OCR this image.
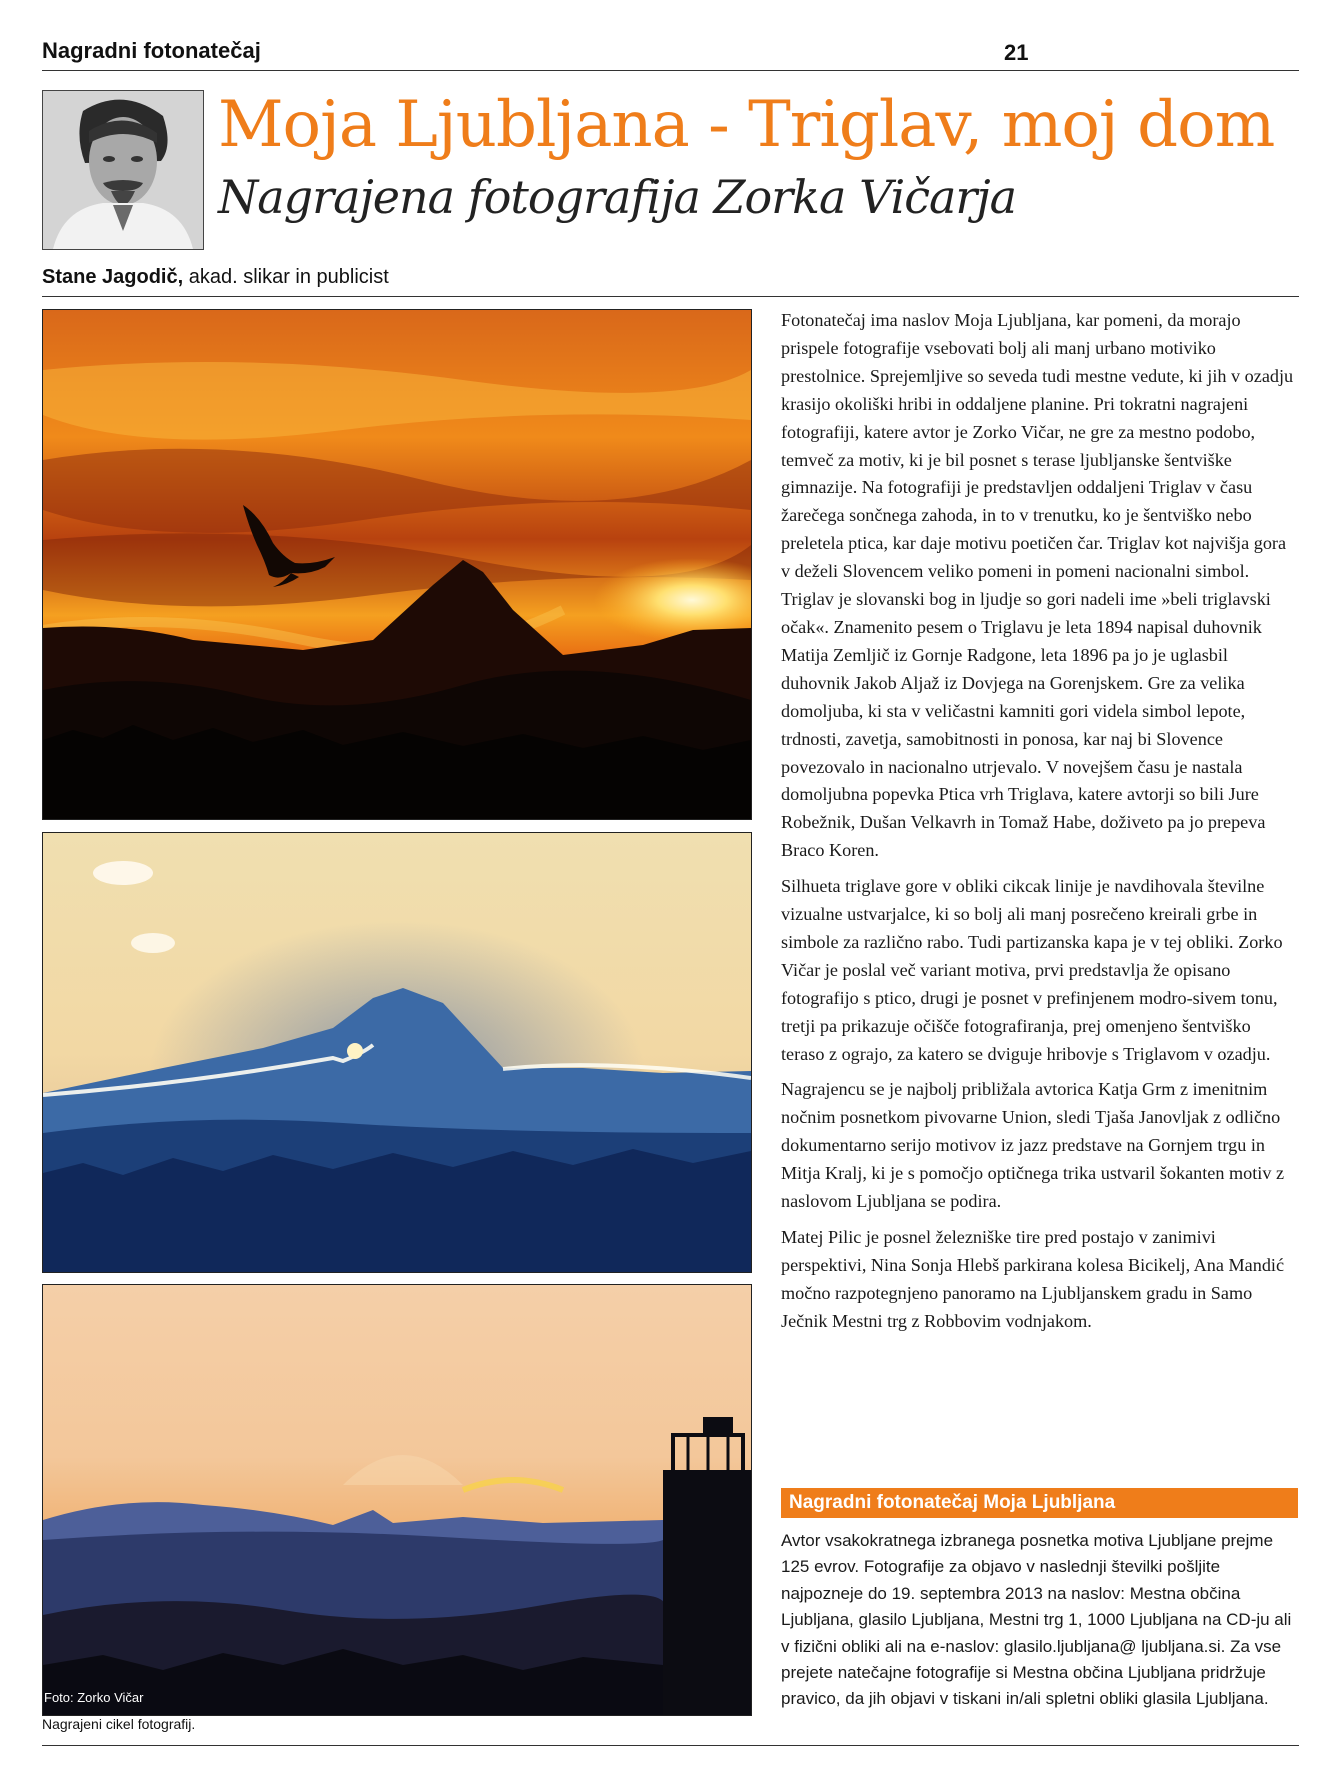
Nagradni fotonatečaj	21
Moja Ljubljana - Triglav, moj dom
Nagrajena fotografija Zorka Vičarja
Stane Jagodič, akad. slikar in publicist
Foto: Zorko Vičar
Nagrajeni cikel fotografij.

Fotonatečaj ima naslov Moja Ljubljana, kar pomeni, da morajo prispele fotografije vsebovati bolj ali manj urbano motiviko prestolnice. Sprejemljive so seveda tudi mestne vedute, ki jih v ozadju krasijo okoliški hribi in oddaljene planine. Pri tokratni nagrajeni fotografiji, katere avtor je Zorko Vičar, ne gre za mestno podobo, temveč za motiv, ki je bil posnet s terase ljubljanske šentviške gimnazije. Na fotografiji je predstavljen oddaljeni Triglav v času žarečega sončnega zahoda, in to v trenutku, ko je šentviško nebo preletela ptica, kar daje motivu poetičen čar. Triglav kot najvišja gora v deželi Slovencem veliko pomeni in pomeni nacionalni simbol. Triglav je slovanski bog in ljudje so gori nadeli ime »beli triglavski očak«. Znamenito pesem o Triglavu je leta 1894 napisal duhovnik Matija Zemljič iz Gornje Radgone, leta 1896 pa jo je uglasbil duhovnik Jakob Aljaž iz Dovjega na Gorenjskem. Gre za velika domoljuba, ki sta v veličastni kamniti gori videla simbol lepote, trdnosti, zavetja, samobitnosti in ponosa, kar naj bi Slovence povezovalo in nacionalno utrjevalo. V novejšem času je nastala domoljubna popevka Ptica vrh Triglava, katere avtorji so bili Jure Robežnik, Dušan Velkavrh in Tomaž Habe, doživeto pa jo prepeva Braco Koren.

Silhueta triglave gore v obliki cikcak linije je navdihovala številne vizualne ustvarjalce, ki so bolj ali manj posrečeno kreirali grbe in simbole za različno rabo. Tudi partizanska kapa je v tej obliki. Zorko Vičar je poslal več variant motiva, prvi predstavlja že opisano fotografijo s ptico, drugi je posnet v prefinjenem modro-sivem tonu, tretji pa prikazuje očišče fotografiranja, prej omenjeno šentviško teraso z ograjo, za katero se dviguje hribovje s Triglavom v ozadju.

Nagrajencu se je najbolj približala avtorica Katja Grm z imenitnim nočnim posnetkom pivovarne Union, sledi Tjaša Janovljak z odlično dokumentarno serijo motivov iz jazz predstave na Gornjem trgu in Mitja Kralj, ki je s pomočjo optičnega trika ustvaril šokanten motiv z naslovom Ljubljana se podira.

Matej Pilic je posnel železniške tire pred postajo v zanimivi perspektivi, Nina Sonja Hlebš parkirana kolesa Bicikelj, Ana Mandić močno razpotegnjeno panoramo na Ljubljanskem gradu in Samo Ječnik Mestni trg z Robbovim vodnjakom.

Nagradni fotonatečaj Moja Ljubljana
Avtor vsakokratnega izbranega posnetka motiva Ljubljane prejme 125 evrov. Fotografije za objavo v naslednji številki pošljite najpozneje do 19. septembra 2013 na naslov: Mestna občina Ljubljana, glasilo Ljubljana, Mestni trg 1, 1000 Ljubljana na CD-ju ali v fizični obliki ali na e-naslov: glasilo.ljubljana@ ljubljana.si. Za vse prejete natečajne fotografije si Mestna občina Ljubljana pridržuje pravico, da jih objavi v tiskani in/ali spletni obliki glasila Ljubljana.
